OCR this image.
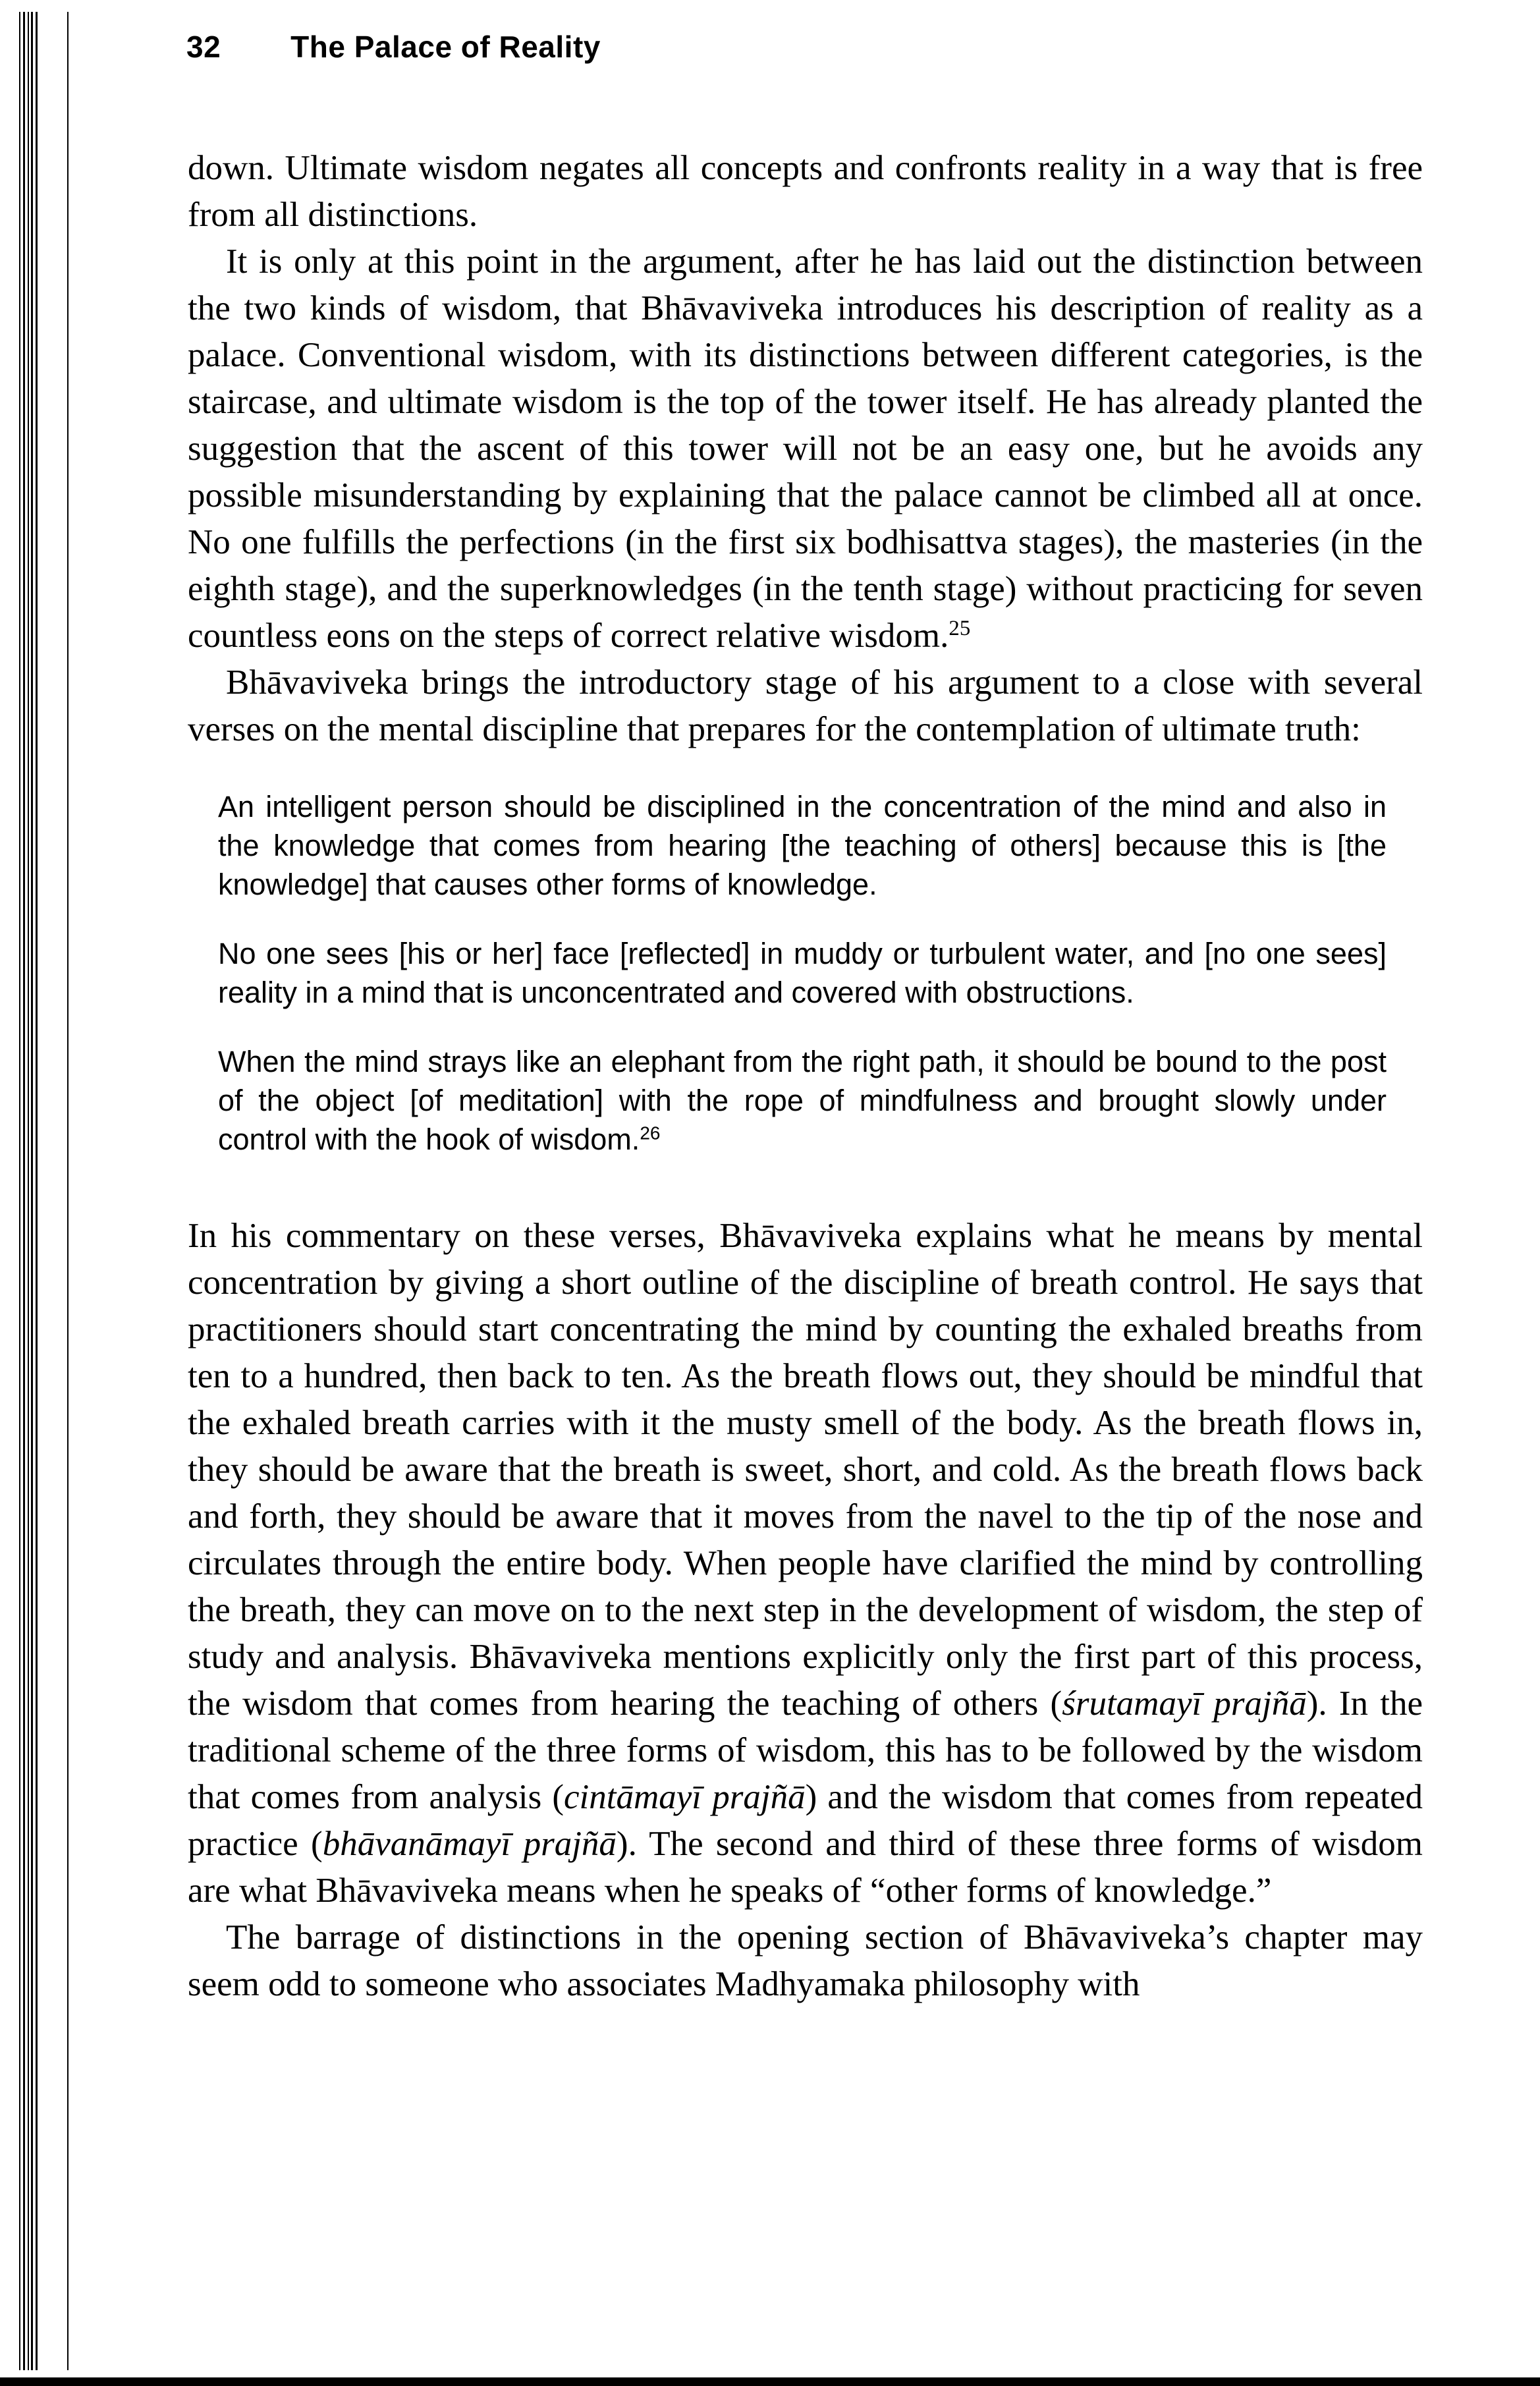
32 The Palace of Reality

down. Ultimate wisdom negates all concepts and confronts reality in a way that is free from all distinctions.

It is only at this point in the argument, after he has laid out the distinction between the two kinds of wisdom, that Bhāvaviveka introduces his description of reality as a palace. Conventional wisdom, with its distinctions between different categories, is the staircase, and ultimate wisdom is the top of the tower itself. He has already planted the suggestion that the ascent of this tower will not be an easy one, but he avoids any possible misunderstanding by explaining that the palace cannot be climbed all at once. No one fulfills the perfections (in the first six bodhisattva stages), the masteries (in the eighth stage), and the superknowledges (in the tenth stage) without practicing for seven countless eons on the steps of correct relative wisdom.$^{25}$

Bhāvaviveka brings the introductory stage of his argument to a close with several verses on the mental discipline that prepares for the contemplation of ultimate truth:

An intelligent person should be disciplined in the concentration of the mind and also in the knowledge that comes from hearing [the teaching of others] because this is [the knowledge] that causes other forms of knowledge.

No one sees [his or her] face [reflected] in muddy or turbulent water, and [no one sees] reality in a mind that is unconcentrated and covered with obstructions.

When the mind strays like an elephant from the right path, it should be bound to the post of the object [of meditation] with the rope of mindfulness and brought slowly under control with the hook of wisdom.$^{26}$

In his commentary on these verses, Bhāvaviveka explains what he means by mental concentration by giving a short outline of the discipline of breath control. He says that practitioners should start concentrating the mind by counting the exhaled breaths from ten to a hundred, then back to ten. As the breath flows out, they should be mindful that the exhaled breath carries with it the musty smell of the body. As the breath flows in, they should be aware that the breath is sweet, short, and cold. As the breath flows back and forth, they should be aware that it moves from the navel to the tip of the nose and circulates through the entire body. When people have clarified the mind by controlling the breath, they can move on to the next step in the development of wisdom, the step of study and analysis. Bhāvaviveka mentions explicitly only the first part of this process, the wisdom that comes from hearing the teaching of others (śrutamayī prajñā). In the traditional scheme of the three forms of wisdom, this has to be followed by the wisdom that comes from analysis (cintāmayī prajñā) and the wisdom that comes from repeated practice (bhāvanāmayī prajñā). The second and third of these three forms of wisdom are what Bhāvaviveka means when he speaks of “other forms of knowledge.”

The barrage of distinctions in the opening section of Bhāvaviveka’s chapter may seem odd to someone who associates Madhyamaka philosophy with
